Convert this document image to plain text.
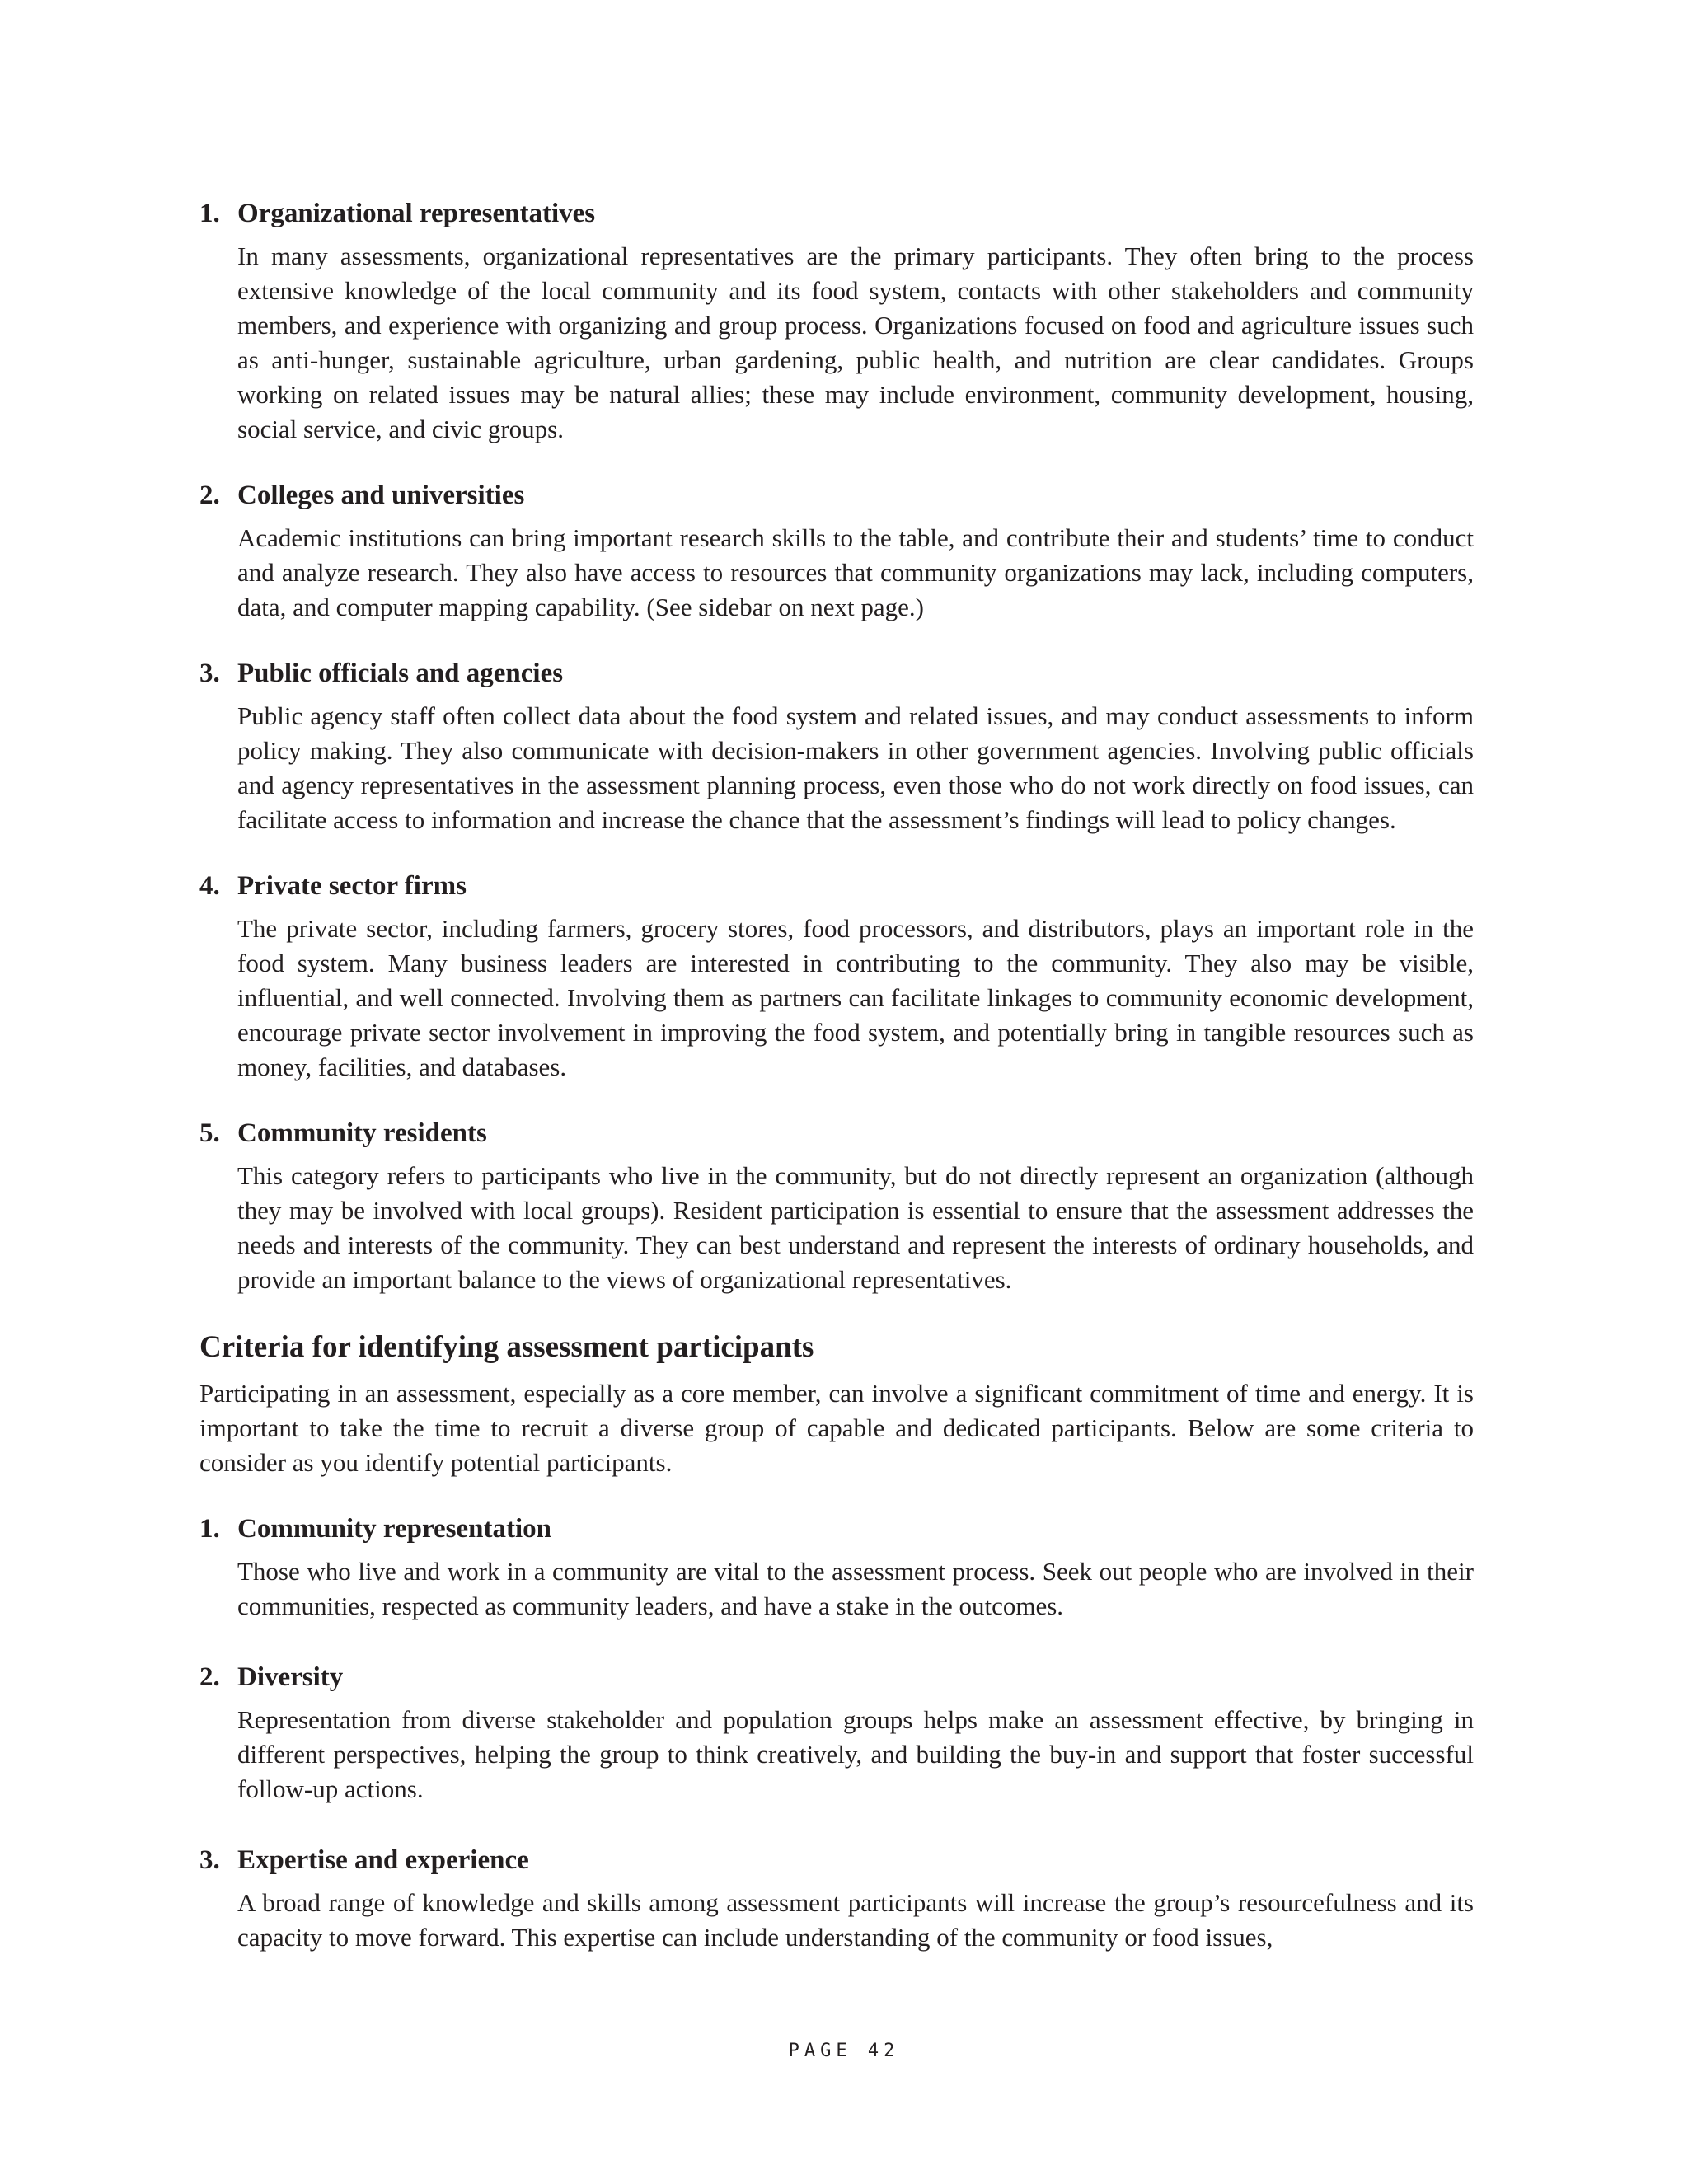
1. Organizational representatives
In many assessments, organizational representatives are the primary participants. They often bring to the process extensive knowledge of the local community and its food system, contacts with other stakeholders and community members, and experience with organizing and group process. Organizations focused on food and agriculture issues such as anti-hunger, sustainable agriculture, urban gardening, public health, and nutrition are clear candidates. Groups working on related issues may be natural allies; these may include environment, community development, housing, social service, and civic groups.
2. Colleges and universities
Academic institutions can bring important research skills to the table, and contribute their and students’ time to conduct and analyze research. They also have access to resources that community organizations may lack, including computers, data, and computer mapping capability. (See sidebar on next page.)
3. Public officials and agencies
Public agency staff often collect data about the food system and related issues, and may conduct assessments to inform policy making. They also communicate with decision-makers in other government agencies. Involving public officials and agency representatives in the assessment planning process, even those who do not work directly on food issues, can facilitate access to information and increase the chance that the assessment’s findings will lead to policy changes.
4. Private sector firms
The private sector, including farmers, grocery stores, food processors, and distributors, plays an important role in the food system. Many business leaders are interested in contributing to the community. They also may be visible, influential, and well connected. Involving them as partners can facilitate linkages to community economic development, encourage private sector involvement in improving the food system, and potentially bring in tangible resources such as money, facilities, and databases.
5. Community residents
This category refers to participants who live in the community, but do not directly represent an organization (although they may be involved with local groups). Resident participation is essential to ensure that the assessment addresses the needs and interests of the community. They can best understand and represent the interests of ordinary households, and provide an important balance to the views of organizational representatives.
Criteria for identifying assessment participants

Participating in an assessment, especially as a core member, can involve a significant commitment of time and energy. It is important to take the time to recruit a diverse group of capable and dedicated participants. Below are some criteria to consider as you identify potential participants.

1. Community representation
Those who live and work in a community are vital to the assessment process. Seek out people who are involved in their communities, respected as community leaders, and have a stake in the outcomes.
2. Diversity
Representation from diverse stakeholder and population groups helps make an assessment effective, by bringing in different perspectives, helping the group to think creatively, and building the buy-in and support that foster successful follow-up actions.
3. Expertise and experience
A broad range of knowledge and skills among assessment participants will increase the group’s resourcefulness and its capacity to move forward. This expertise can include understanding of the community or food issues,
PAGE 42
